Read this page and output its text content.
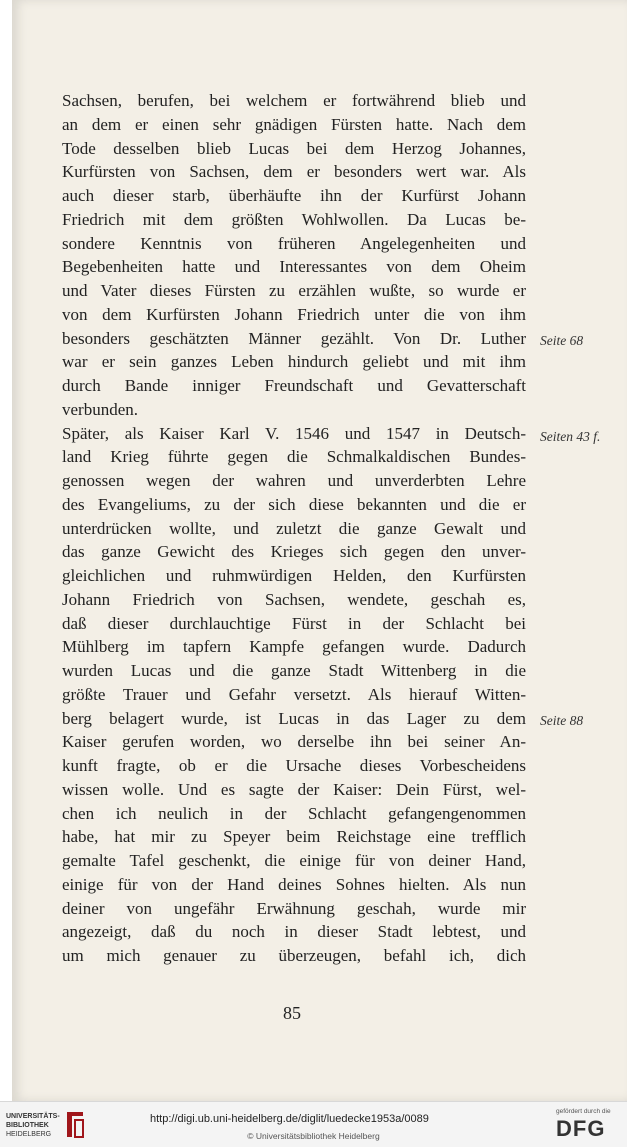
Sachsen, berufen, bei welchem er fortwährend blieb und
an dem er einen sehr gnädigen Fürsten hatte. Nach dem
Tode desselben blieb Lucas bei dem Herzog Johannes,
Kurfürsten von Sachsen, dem er besonders wert war. Als
auch dieser starb, überhäufte ihn der Kurfürst Johann
Friedrich mit dem größten Wohlwollen. Da Lucas be-
sondere Kenntnis von früheren Angelegenheiten und
Begebenheiten hatte und Interessantes von dem Oheim
und Vater dieses Fürsten zu erzählen wußte, so wurde er
von dem Kurfürsten Johann Friedrich unter die von ihm
besonders geschätzten Männer gezählt. Von Dr. Luther
war er sein ganzes Leben hindurch geliebt und mit ihm
durch Bande inniger Freundschaft und Gevatterschaft
verbunden.
Später, als Kaiser Karl V. 1546 und 1547 in Deutsch-
land Krieg führte gegen die Schmalkaldischen Bundes-
genossen wegen der wahren und unverderbten Lehre
des Evangeliums, zu der sich diese bekannten und die er
unterdrücken wollte, und zuletzt die ganze Gewalt und
das ganze Gewicht des Krieges sich gegen den unver-
gleichlichen und ruhmwürdigen Helden, den Kurfürsten
Johann Friedrich von Sachsen, wendete, geschah es,
daß dieser durchlauchtige Fürst in der Schlacht bei
Mühlberg im tapfern Kampfe gefangen wurde. Dadurch
wurden Lucas und die ganze Stadt Wittenberg in die
größte Trauer und Gefahr versetzt. Als hierauf Witten-
berg belagert wurde, ist Lucas in das Lager zu dem
Kaiser gerufen worden, wo derselbe ihn bei seiner An-
kunft fragte, ob er die Ursache dieses Vorbescheidens
wissen wolle. Und es sagte der Kaiser: Dein Fürst, wel-
chen ich neulich in der Schlacht gefangengenommen
habe, hat mir zu Speyer beim Reichstage eine trefflich
gemalte Tafel geschenkt, die einige für von deiner Hand,
einige für von der Hand deines Sohnes hielten. Als nun
deiner von ungefähr Erwähnung geschah, wurde mir
angezeigt, daß du noch in dieser Stadt lebtest, und
um mich genauer zu überzeugen, befahl ich, dich
Seite 68
Seiten 43 f.
Seite 88
85
UNIVERSITÄTS-
BIBLIOTHEK
HEIDELBERG
http://digi.ub.uni-heidelberg.de/diglit/luedecke1953a/0089
© Universitätsbibliothek Heidelberg
gefördert durch die
DFG
